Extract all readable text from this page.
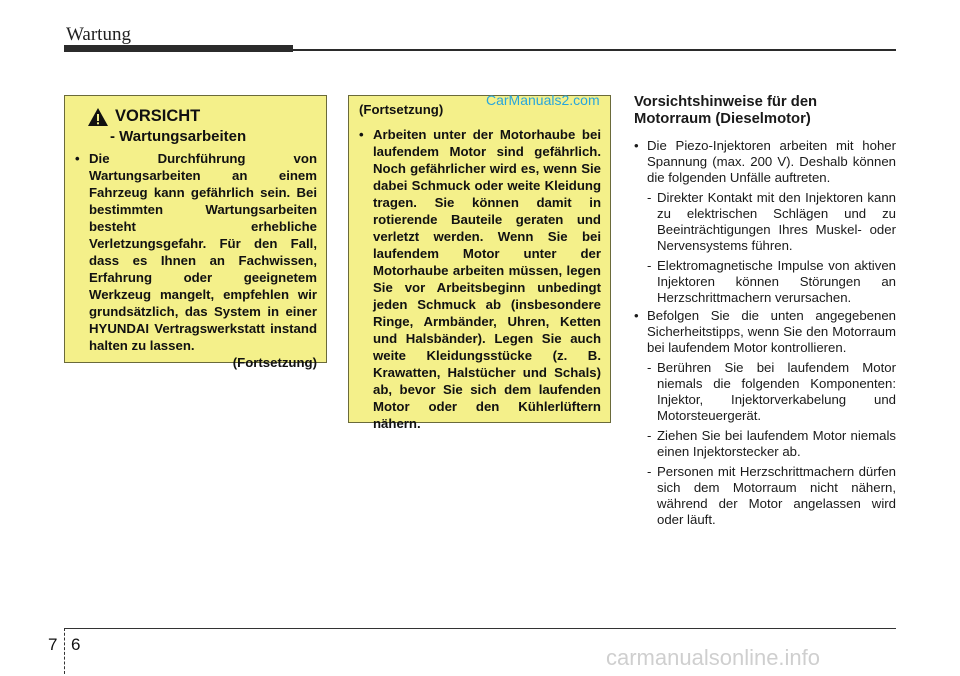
Wartung
VORSICHT
- Wartungsarbeiten
• Die Durchführung von Wartungsarbeiten an einem Fahrzeug kann gefährlich sein. Bei bestimmten Wartungsarbeiten besteht erhebliche Verletzungsgefahr. Für den Fall, dass es Ihnen an Fachwissen, Erfahrung oder geeignetem Werkzeug mangelt, empfehlen wir grundsätzlich, das System in einer HYUNDAI Vertragswerkstatt instand halten zu lassen.
(Fortsetzung)
(Fortsetzung)
• Arbeiten unter der Motorhaube bei laufendem Motor sind gefährlich. Noch gefährlicher wird es, wenn Sie dabei Schmuck oder weite Kleidung tragen. Sie können damit in rotierende Bauteile geraten und verletzt werden. Wenn Sie bei laufendem Motor unter der Motorhaube arbeiten müssen, legen Sie vor Arbeitsbeginn unbedingt jeden Schmuck ab (insbesondere Ringe, Armbänder, Uhren, Ketten und Halsbänder). Legen Sie auch weite Kleidungsstücke (z. B. Krawatten, Halstücher und Schals) ab, bevor Sie sich dem laufenden Motor oder den Kühlerlüftern nähern.
CarManuals2.com Vorsichtshinweise für den Motorraum (Dieselmotor)
• Die Piezo-Injektoren arbeiten mit hoher Spannung (max. 200 V). Deshalb können die folgenden Unfälle auftreten.
- Direkter Kontakt mit den Injektoren kann zu elektrischen Schlägen und zu Beeinträchtigungen Ihres Muskel- oder Nervensystems führen.
- Elektromagnetische Impulse von aktiven Injektoren können Störungen an Herzschrittmachern verursachen.
• Befolgen Sie die unten angegebenen Sicherheitstipps, wenn Sie den Motorraum bei laufendem Motor kontrollieren.
- Berühren Sie bei laufendem Motor niemals die folgenden Komponenten: Injektor, Injektorverkabelung und Motorsteuergerät.
- Ziehen Sie bei laufendem Motor niemals einen Injektorstecker ab.
- Personen mit Herzschrittmachern dürfen sich dem Motorraum nicht nähern, während der Motor angelassen wird oder läuft.
7 6
carmanualsonline.info
